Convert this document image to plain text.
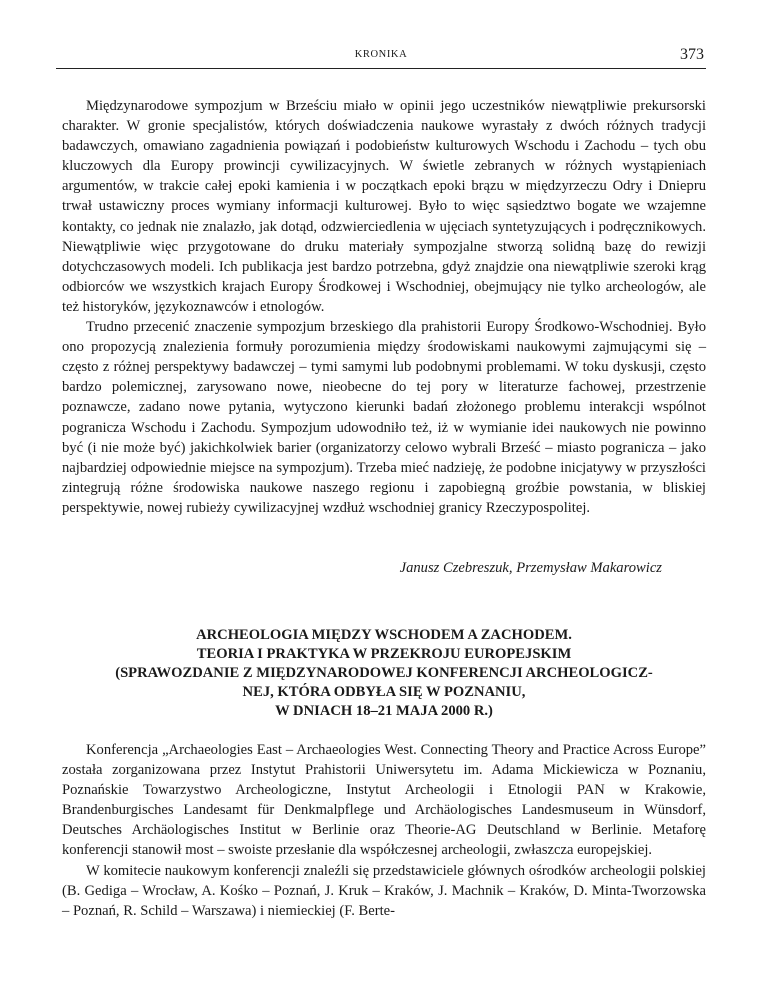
KRONIKA	373

Międzynarodowe sympozjum w Brześciu miało w opinii jego uczestników niewątpliwie prekursorski charakter. W gronie specjalistów, których doświadczenia naukowe wyrastały z dwóch różnych tradycji badawczych, omawiano zagadnienia powiązań i podobieństw kulturowych Wschodu i Zachodu – tych obu kluczowych dla Europy prowincji cywilizacyjnych. W świetle zebranych w różnych wystąpieniach argumentów, w trakcie całej epoki kamienia i w początkach epoki brązu w międzyrzeczu Odry i Dniepru trwał ustawiczny proces wymiany informacji kulturowej. Było to więc sąsiedztwo bogate we wzajemne kontakty, co jednak nie znalazło, jak dotąd, odzwierciedlenia w ujęciach syntetyzujących i podręcznikowych. Niewątpliwie więc przygotowane do druku materiały sympozjalne stworzą solidną bazę do rewizji dotychczasowych modeli. Ich publikacja jest bardzo potrzebna, gdyż znajdzie ona niewątpliwie szeroki krąg odbiorców we wszystkich krajach Europy Środkowej i Wschodniej, obejmujący nie tylko archeologów, ale też historyków, językoznawców i etnologów.

Trudno przecenić znaczenie sympozjum brzeskiego dla prahistorii Europy Środkowo-Wschodniej. Było ono propozycją znalezienia formuły porozumienia między środowiskami naukowymi zajmującymi się – często z różnej perspektywy badawczej – tymi samymi lub podobnymi problemami. W toku dyskusji, często bardzo polemicznej, zarysowano nowe, nieobecne do tej pory w literaturze fachowej, przestrzenie poznawcze, zadano nowe pytania, wytyczono kierunki badań złożonego problemu interakcji wspólnot pogranicza Wschodu i Zachodu. Sympozjum udowodniło też, iż w wymianie idei naukowych nie powinno być (i nie może być) jakichkolwiek barier (organizatorzy celowo wybrali Brześć – miasto pogranicza – jako najbardziej odpowiednie miejsce na sympozjum). Trzeba mieć nadzieję, że podobne inicjatywy w przyszłości zintegrują różne środowiska naukowe naszego regionu i zapobiegną groźbie powstania, w bliskiej perspektywie, nowej rubieży cywilizacyjnej wzdłuż wschodniej granicy Rzeczypospolitej.

Janusz Czebreszuk, Przemysław Makarowicz
ARCHEOLOGIA MIĘDZY WSCHODEM A ZACHODEM.
TEORIA I PRAKTYKA W PRZEKROJU EUROPEJSKIM
(SPRAWOZDANIE Z MIĘDZYNARODOWEJ KONFERENCJI ARCHEOLOGICZ-
NEJ, KTÓRA ODBYŁA SIĘ W POZNANIU,
W DNIACH 18–21 MAJA 2000 R.)

Konferencja „Archaeologies East – Archaeologies West. Connecting Theory and Practice Across Europe” została zorganizowana przez Instytut Prahistorii Uniwersytetu im. Adama Mickiewicza w Poznaniu, Poznańskie Towarzystwo Archeologiczne, Instytut Archeologii i Etnologii PAN w Krakowie, Brandenburgisches Landesamt für Denkmalpflege und Archäologisches Landesmuseum in Wünsdorf, Deutsches Archäologisches Institut w Berlinie oraz Theorie-AG Deutschland w Berlinie. Metaforę konferencji stanowił most – swoiste przesłanie dla współczesnej archeologii, zwłaszcza europejskiej.

W komitecie naukowym konferencji znaleźli się przedstawiciele głównych ośrodków archeologii polskiej (B. Gediga – Wrocław, A. Kośko – Poznań, J. Kruk – Kraków, J. Machnik – Kraków, D. Minta-Tworzowska – Poznań, R. Schild – Warszawa) i niemieckiej (F. Berte-
